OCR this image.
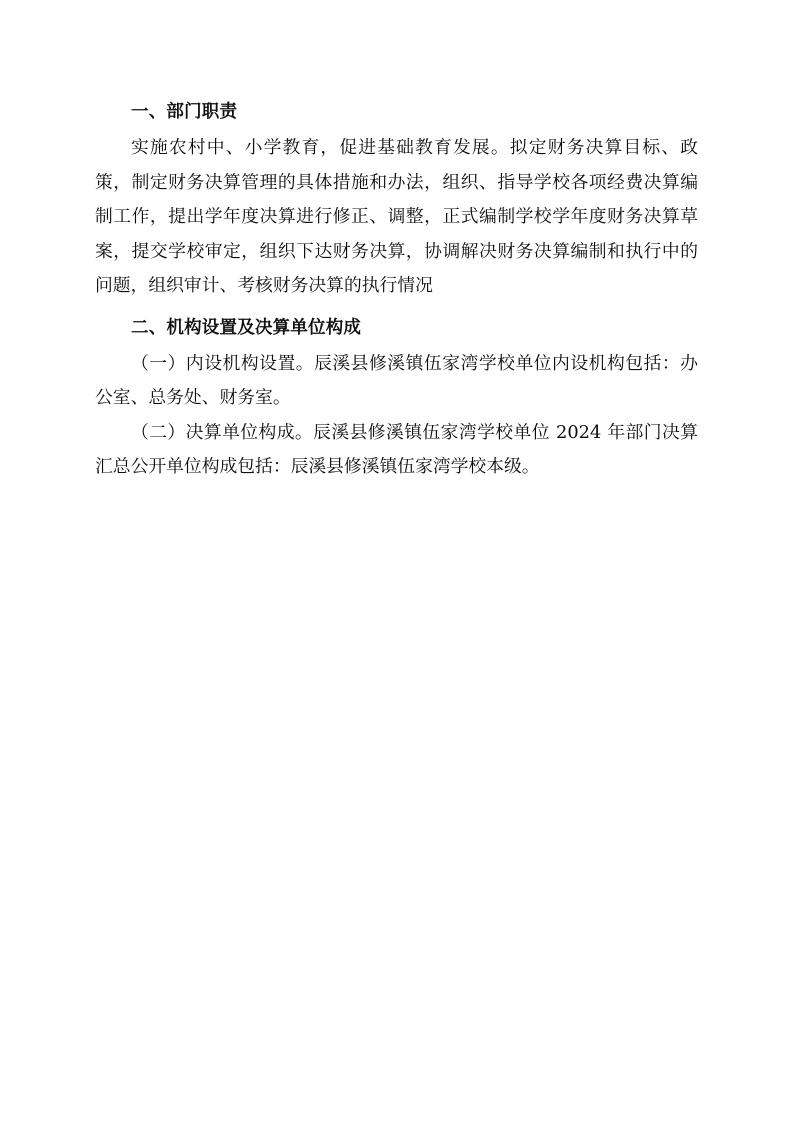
一、部门职责

实施农村中、小学教育，促进基础教育发展。拟定财务决算目标、政策，制定财务决算管理的具体措施和办法，组织、指导学校各项经费决算编制工作，提出学年度决算进行修正、调整，正式编制学校学年度财务决算草案，提交学校审定，组织下达财务决算，协调解决财务决算编制和执行中的问题，组织审计、考核财务决算的执行情况

二、机构设置及决算单位构成

（一）内设机构设置。辰溪县修溪镇伍家湾学校单位内设机构包括：办公室、总务处、财务室。

（二）决算单位构成。辰溪县修溪镇伍家湾学校单位 2024 年部门决算汇总公开单位构成包括：辰溪县修溪镇伍家湾学校本级。
